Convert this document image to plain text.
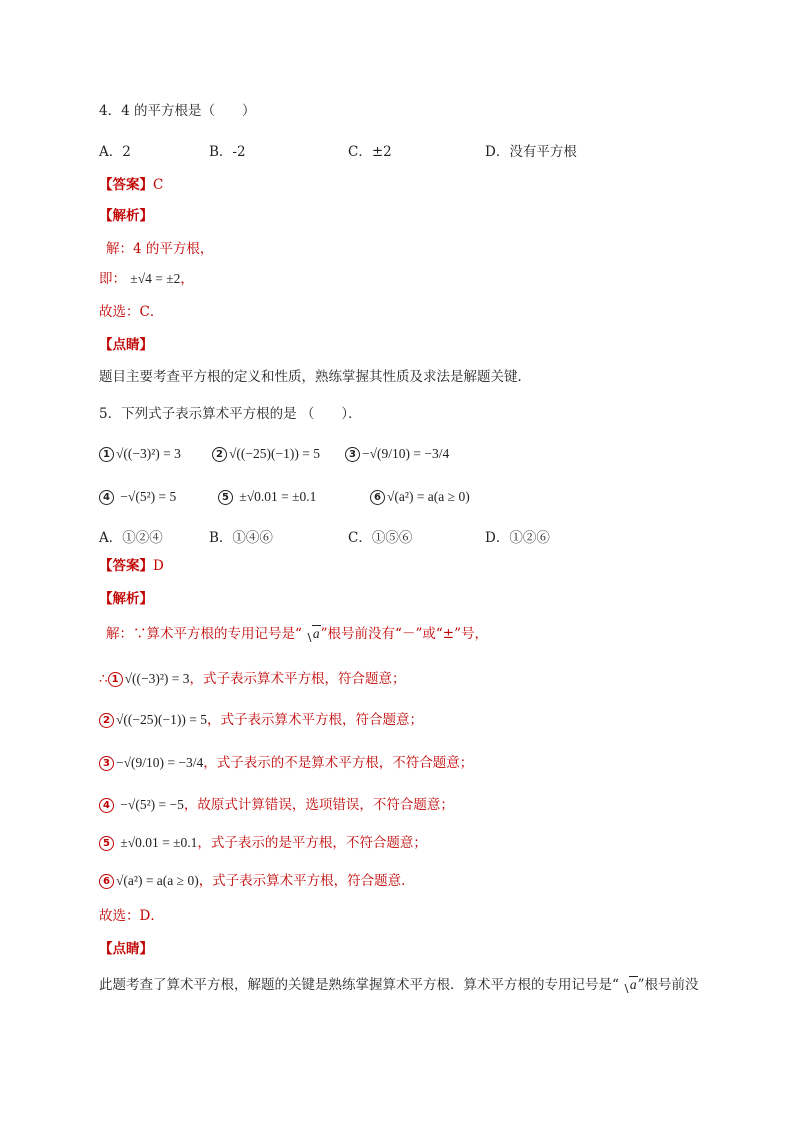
4．4 的平方根是（　　）
A．2	B．-2	C．±2	D．没有平方根
【答案】C
【解析】
解：4 的平方根，
即： ±√4 = ±2，
故选：C．
【点睛】
题目主要考查平方根的定义和性质，熟练掌握其性质及求法是解题关键．
5．下列式子表示算术平方根的是 （　　）．
1 √((−3)²) = 3	2 √((−25)(−1)) = 5	3 −√(9/10) = −3/4
4 −√(5²) = 5	5 ±√0.01 = ±0.1	6 √(a²) = a(a ≥ 0)
A．①②④	B．①④⑥	C．①⑤⑥	D．①②⑥
【答案】D
【解析】
解：∵算术平方根的专用记号是“ a”根号前没有“－”或“±”号，
∴ 1 √((−3)²) = 3，式子表示算术平方根，符合题意；
2 √((−25)(−1)) = 5，式子表示算术平方根，符合题意；
3 −√(9/10) = −3/4，式子表示的不是算术平方根，不符合题意；
4 −√(5²) = −5，故原式计算错误，选项错误，不符合题意；
5 ±√0.01 = ±0.1，式子表示的是平方根，不符合题意；
6 √(a²) = a(a ≥ 0)，式子表示算术平方根，符合题意．
故选：D．
【点睛】
此题考查了算术平方根，解题的关键是熟练掌握算术平方根．算术平方根的专用记号是“ a”根号前没
